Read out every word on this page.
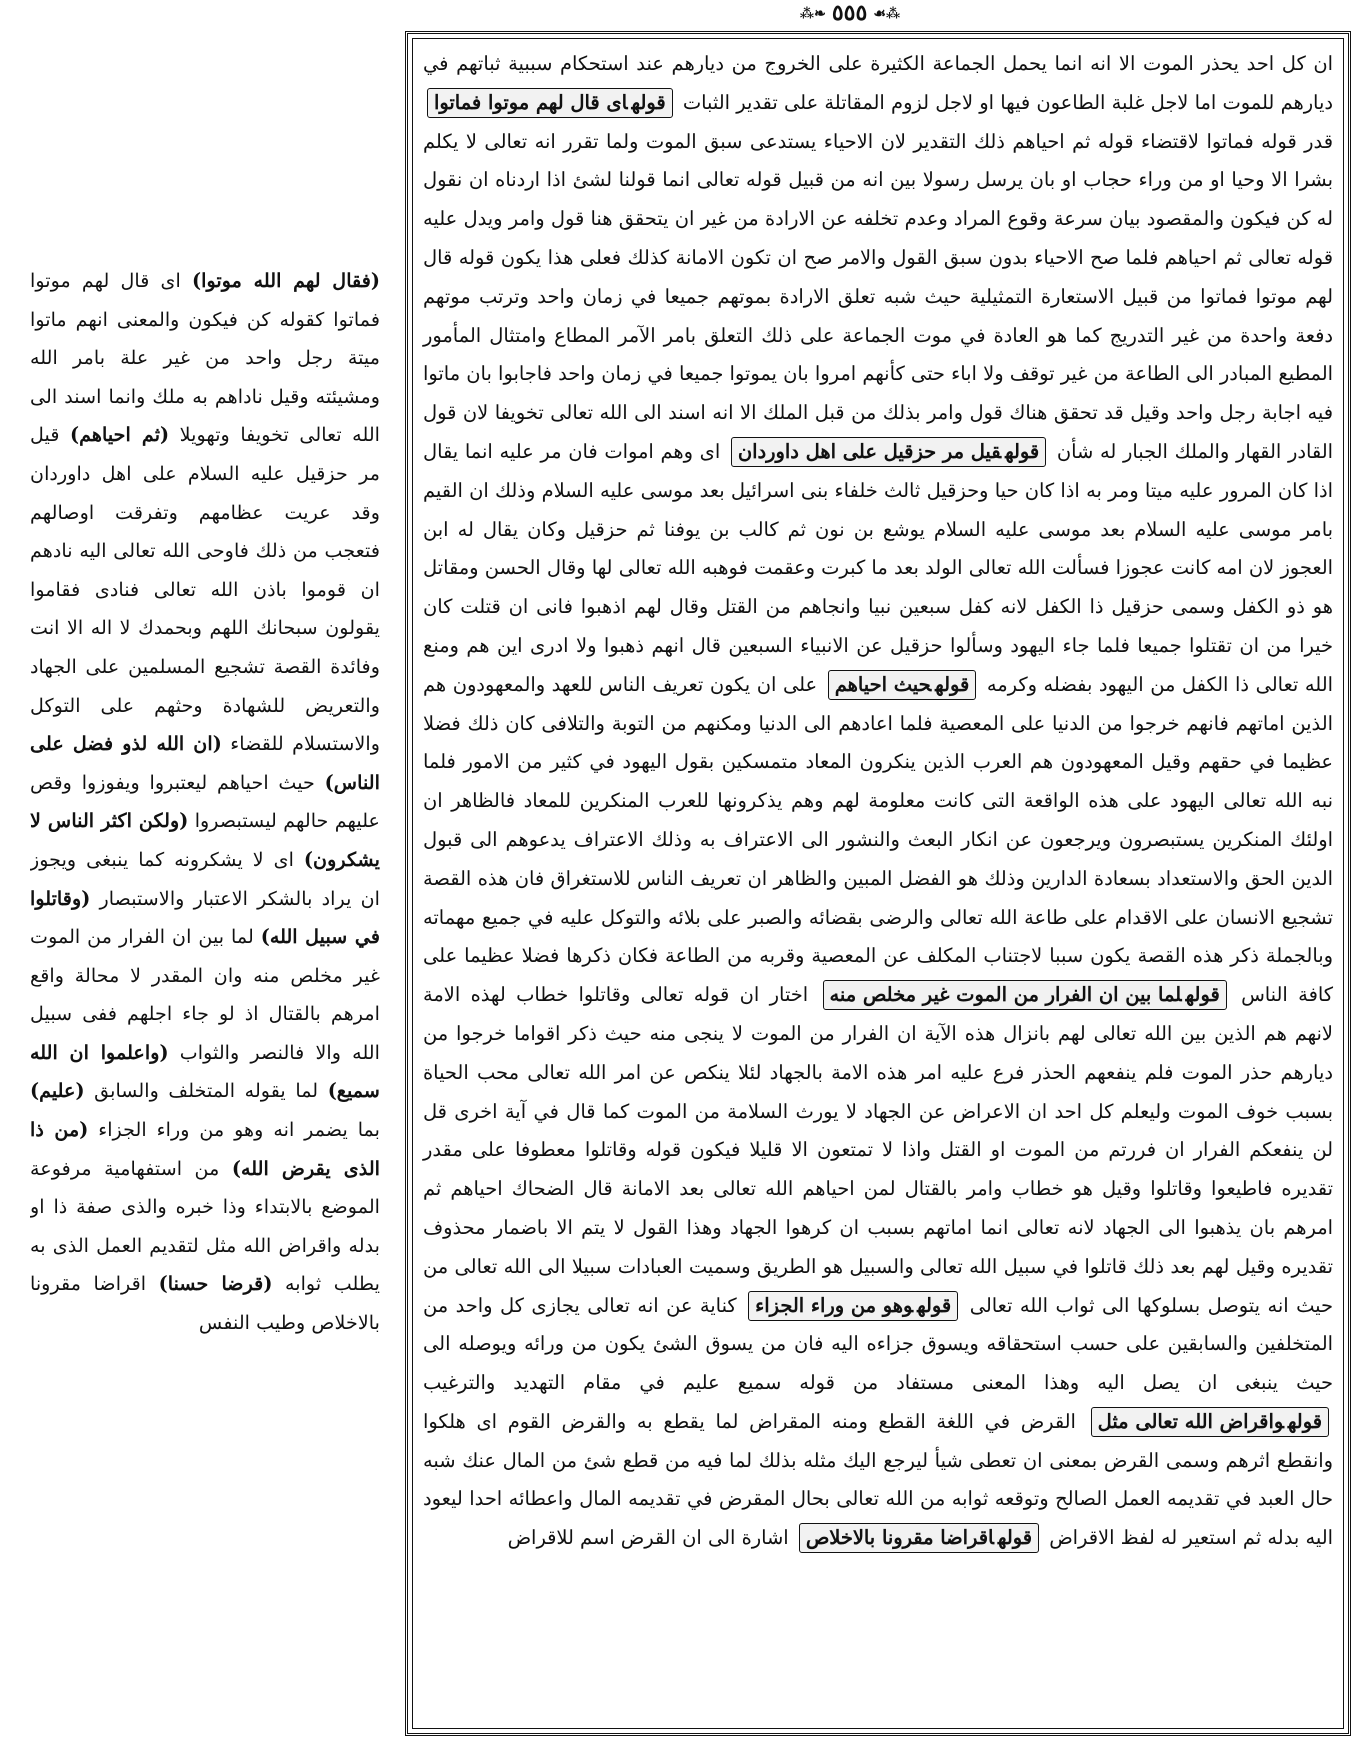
⁂❧ ٥٥٥ ☙⁂

ان كل احد يحذر الموت الا انه انما يحمل الجماعة الكثيرة على الخروج من ديارهم عند استحكام سببية ثباتهم في ديارهم للموت اما لاجل غلبة الطاعون فيها او لاجل لزوم المقاتلة على تقدير الثبات قولهاى قال لهم موتوا فماتوا قدر قوله فماتوا لاقتضاء قوله ثم احياهم ذلك التقدير لان الاحياء يستدعى سبق الموت ولما تقرر انه تعالى لا يكلم بشرا الا وحيا او من وراء حجاب او بان يرسل رسولا بين انه من قبيل قوله تعالى انما قولنا لشئ اذا اردناه ان نقول له كن فيكون والمقصود بيان سرعة وقوع المراد وعدم تخلفه عن الارادة من غير ان يتحقق هنا قول وامر ويدل عليه قوله تعالى ثم احياهم فلما صح الاحياء بدون سبق القول والامر صح ان تكون الامانة كذلك فعلى هذا يكون قوله قال لهم موتوا فماتوا من قبيل الاستعارة التمثيلية حيث شبه تعلق الارادة بموتهم جميعا في زمان واحد وترتب موتهم دفعة واحدة من غير التدريج كما هو العادة في موت الجماعة على ذلك التعلق بامر الآمر المطاع وامتثال المأمور المطيع المبادر الى الطاعة من غير توقف ولا اباء حتى كأنهم امروا بان يموتوا جميعا في زمان واحد فاجابوا بان ماتوا فيه اجابة رجل واحد وقيل قد تحقق هناك قول وامر بذلك من قبل الملك الا انه اسند الى الله تعالى تخويفا لان قول القادر القهار والملك الجبار له شأن قولهقيل مر حزقيل على اهل داوردان اى وهم اموات فان مر عليه انما يقال اذا كان المرور عليه ميتا ومر به اذا كان حيا وحزقيل ثالث خلفاء بنى اسرائيل بعد موسى عليه السلام وذلك ان القيم بامر موسى عليه السلام بعد موسى عليه السلام يوشع بن نون ثم كالب بن يوفنا ثم حزقيل وكان يقال له ابن العجوز لان امه كانت عجوزا فسألت الله تعالى الولد بعد ما كبرت وعقمت فوهبه الله تعالى لها وقال الحسن ومقاتل هو ذو الكفل وسمى حزقيل ذا الكفل لانه كفل سبعين نبيا وانجاهم من القتل وقال لهم اذهبوا فانى ان قتلت كان خيرا من ان تقتلوا جميعا فلما جاء اليهود وسألوا حزقيل عن الانبياء السبعين قال انهم ذهبوا ولا ادرى اين هم ومنع الله تعالى ذا الكفل من اليهود بفضله وكرمه قولهحيث احياهم على ان يكون تعريف الناس للعهد والمعهودون هم الذين اماتهم فانهم خرجوا من الدنيا على المعصية فلما اعادهم الى الدنيا ومكنهم من التوبة والتلافى كان ذلك فضلا عظيما في حقهم وقيل المعهودون هم العرب الذين ينكرون المعاد متمسكين بقول اليهود في كثير من الامور فلما نبه الله تعالى اليهود على هذه الواقعة التى كانت معلومة لهم وهم يذكرونها للعرب المنكرين للمعاد فالظاهر ان اولئك المنكرين يستبصرون ويرجعون عن انكار البعث والنشور الى الاعتراف به وذلك الاعتراف يدعوهم الى قبول الدين الحق والاستعداد بسعادة الدارين وذلك هو الفضل المبين والظاهر ان تعريف الناس للاستغراق فان هذه القصة تشجيع الانسان على الاقدام على طاعة الله تعالى والرضى بقضائه والصبر على بلائه والتوكل عليه في جميع مهماته وبالجملة ذكر هذه القصة يكون سببا لاجتناب المكلف عن المعصية وقربه من الطاعة فكان ذكرها فضلا عظيما على كافة الناس قولهلما بين ان الفرار من الموت غير مخلص منه اختار ان قوله تعالى وقاتلوا خطاب لهذه الامة لانهم هم الذين بين الله تعالى لهم بانزال هذه الآية ان الفرار من الموت لا ينجى منه حيث ذكر اقواما خرجوا من ديارهم حذر الموت فلم ينفعهم الحذر فرع عليه امر هذه الامة بالجهاد لئلا ينكص عن امر الله تعالى محب الحياة بسبب خوف الموت وليعلم كل احد ان الاعراض عن الجهاد لا يورث السلامة من الموت كما قال في آية اخرى قل لن ينفعكم الفرار ان فررتم من الموت او القتل واذا لا تمتعون الا قليلا فيكون قوله وقاتلوا معطوفا على مقدر تقديره فاطيعوا وقاتلوا وقيل هو خطاب وامر بالقتال لمن احياهم الله تعالى بعد الامانة قال الضحاك احياهم ثم امرهم بان يذهبوا الى الجهاد لانه تعالى انما اماتهم بسبب ان كرهوا الجهاد وهذا القول لا يتم الا باضمار محذوف تقديره وقيل لهم بعد ذلك قاتلوا في سبيل الله تعالى والسبيل هو الطريق وسميت العبادات سبيلا الى الله تعالى من حيث انه يتوصل بسلوكها الى ثواب الله تعالى قولهوهو من وراء الجزاء كناية عن انه تعالى يجازى كل واحد من المتخلفين والسابقين على حسب استحقاقه ويسوق جزاءه اليه فان من يسوق الشئ يكون من ورائه ويوصله الى حيث ينبغى ان يصل اليه وهذا المعنى مستفاد من قوله سميع عليم في مقام التهديد والترغيب قولهواقراض الله تعالى مثل القرض في اللغة القطع ومنه المقراض لما يقطع به والقرض القوم اى هلكوا وانقطع اثرهم وسمى القرض بمعنى ان تعطى شيأ ليرجع اليك مثله بذلك لما فيه من قطع شئ من المال عنك شبه حال العبد في تقديمه العمل الصالح وتوقعه ثوابه من الله تعالى بحال المقرض في تقديمه المال واعطائه احدا ليعود اليه بدله ثم استعير له لفظ الاقراض قولهاقراضا مقرونا بالاخلاص اشارة الى ان القرض اسم للاقراض

(فقال لهم الله موتوا) اى قال لهم موتوا فماتوا كقوله كن فيكون والمعنى انهم ماتوا ميتة رجل واحد من غير علة بامر الله ومشيئته وقيل ناداهم به ملك وانما اسند الى الله تعالى تخويفا وتهويلا (ثم احياهم) قيل مر حزقيل عليه السلام على اهل داوردان وقد عريت عظامهم وتفرقت اوصالهم فتعجب من ذلك فاوحى الله تعالى اليه نادهم ان قوموا باذن الله تعالى فنادى فقاموا يقولون سبحانك اللهم وبحمدك لا اله الا انت وفائدة القصة تشجيع المسلمين على الجهاد والتعريض للشهادة وحثهم على التوكل والاستسلام للقضاء (ان الله لذو فضل على الناس) حيث احياهم ليعتبروا ويفوزوا وقص عليهم حالهم ليستبصروا (ولكن اكثر الناس لا يشكرون) اى لا يشكرونه كما ينبغى ويجوز ان يراد بالشكر الاعتبار والاستبصار (وقاتلوا في سبيل الله) لما بين ان الفرار من الموت غير مخلص منه وان المقدر لا محالة واقع امرهم بالقتال اذ لو جاء اجلهم ففى سبيل الله والا فالنصر والثواب (واعلموا ان الله سميع) لما يقوله المتخلف والسابق (عليم) بما يضمر انه وهو من وراء الجزاء (من ذا الذى يقرض الله) من استفهامية مرفوعة الموضع بالابتداء وذا خبره والذى صفة ذا او بدله واقراض الله مثل لتقديم العمل الذى به يطلب ثوابه (قرضا حسنا) اقراضا مقرونا بالاخلاص وطيب النفس
